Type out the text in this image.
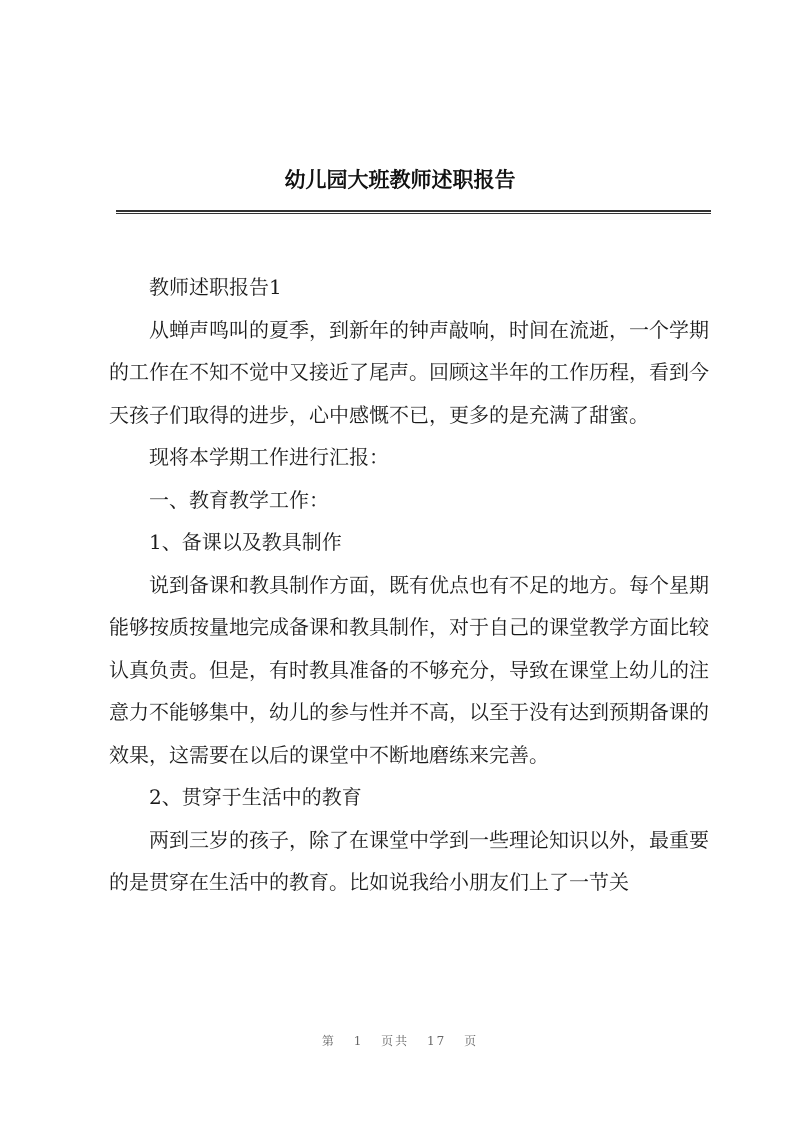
幼儿园大班教师述职报告

教师述职报告1

从蝉声鸣叫的夏季，到新年的钟声敲响，时间在流逝，一个学期的工作在不知不觉中又接近了尾声。回顾这半年的工作历程，看到今天孩子们取得的进步，心中感慨不已，更多的是充满了甜蜜。

现将本学期工作进行汇报：

一、教育教学工作：

1、备课以及教具制作

说到备课和教具制作方面，既有优点也有不足的地方。每个星期能够按质按量地完成备课和教具制作，对于自己的课堂教学方面比较认真负责。但是，有时教具准备的不够充分，导致在课堂上幼儿的注意力不能够集中，幼儿的参与性并不高，以至于没有达到预期备课的效果，这需要在以后的课堂中不断地磨练来完善。

2、贯穿于生活中的教育

两到三岁的孩子，除了在课堂中学到一些理论知识以外，最重要的是贯穿在生活中的教育。比如说我给小朋友们上了一节关

第 1 页共 17 页
